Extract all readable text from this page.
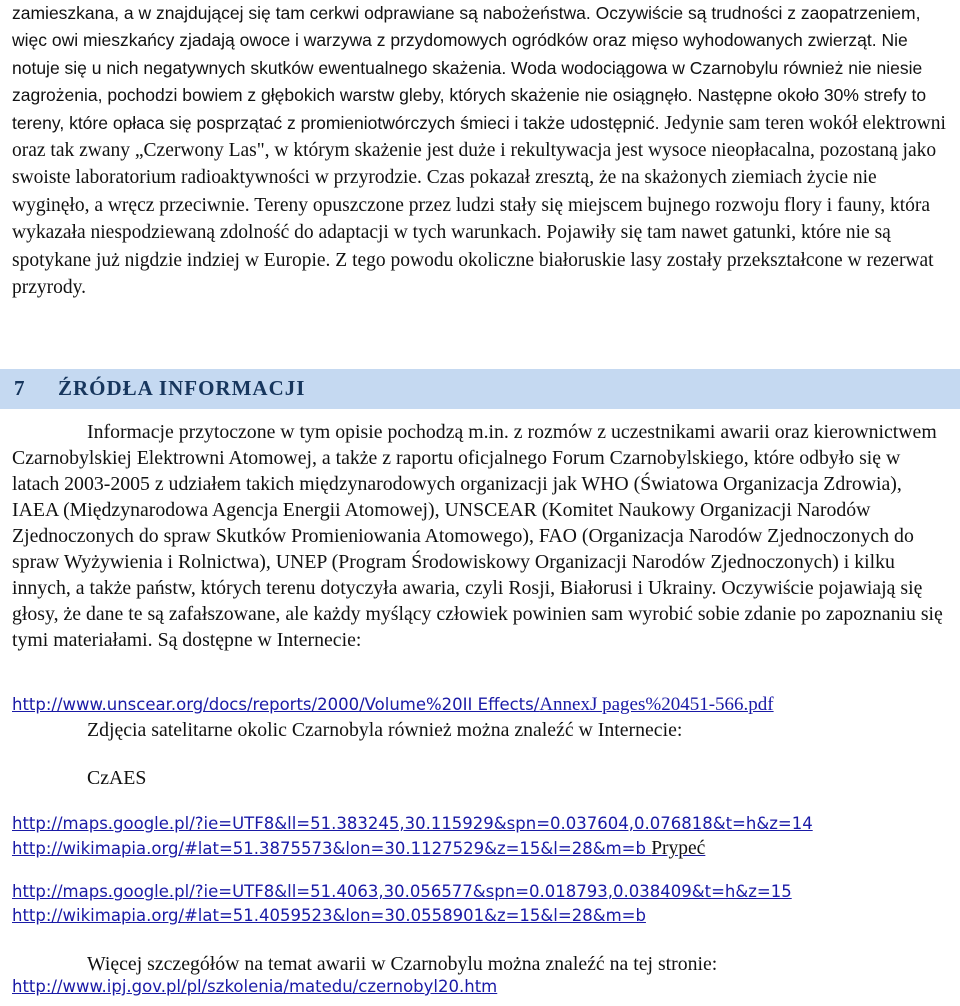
zamieszkana, a w znajdującej się tam cerkwi odprawiane są nabożeństwa. Oczywiście są trudności z zaopatrzeniem, więc owi mieszkańcy zjadają owoce i warzywa z przydomowych ogródków oraz mięso wyhodowanych zwierząt. Nie notuje się u nich negatywnych skutków ewentualnego skażenia. Woda wodociągowa w Czarnobylu również nie niesie zagrożenia, pochodzi bowiem z głębokich warstw gleby, których skażenie nie osiągnęło. Następne około 30% strefy to tereny, które opłaca się posprzątać z promieniotwórczych śmieci i także udostępnić. Jedynie sam teren wokół elektrowni oraz tak zwany „Czerwony Las", w którym skażenie jest duże i rekultywacja jest wysoce nieopłacalna, pozostaną jako swoiste laboratorium radioaktywności w przyrodzie. Czas pokazał zresztą, że na skażonych ziemiach życie nie wyginęło, a wręcz przeciwnie. Tereny opuszczone przez ludzi stały się miejscem bujnego rozwoju flory i fauny, która wykazała niespodziewaną zdolność do adaptacji w tych warunkach. Pojawiły się tam nawet gatunki, które nie są spotykane już nigdzie indziej w Europie. Z tego powodu okoliczne białoruskie lasy zostały przekształcone w rezerwat przyrody.

7 ŹRÓDŁA INFORMACJI

Informacje przytoczone w tym opisie pochodzą m.in. z rozmów z uczestnikami awarii oraz kierownictwem Czarnobylskiej Elektrowni Atomowej, a także z raportu oficjalnego Forum Czarnobylskiego, które odbyło się w latach 2003-2005 z udziałem takich międzynarodowych organizacji jak WHO (Światowa Organizacja Zdrowia), IAEA (Międzynarodowa Agencja Energii Atomowej), UNSCEAR (Komitet Naukowy Organizacji Narodów Zjednoczonych do spraw Skutków Promieniowania Atomowego), FAO (Organizacja Narodów Zjednoczonych do spraw Wyżywienia i Rolnictwa), UNEP (Program Środowiskowy Organizacji Narodów Zjednoczonych) i kilku innych, a także państw, których terenu dotyczyła awaria, czyli Rosji, Białorusi i Ukrainy. Oczywiście pojawiają się głosy, że dane te są zafałszowane, ale każdy myślący człowiek powinien sam wyrobić sobie zdanie po zapoznaniu się tymi materiałami. Są dostępne w Internecie:

http://www.unscear.org/docs/reports/2000/Volume%20II Effects/AnnexJ pages%20451-566.pdf

Zdjęcia satelitarne okolic Czarnobyla również można znaleźć w Internecie:

CzAES

http://maps.google.pl/?ie=UTF8&ll=51.383245,30.115929&spn=0.037604,0.076818&t=h&z=14

http://wikimapia.org/#lat=51.3875573&lon=30.1127529&z=15&l=28&m=b Prypeć

http://maps.google.pl/?ie=UTF8&ll=51.4063,30.056577&spn=0.018793,0.038409&t=h&z=15

http://wikimapia.org/#lat=51.4059523&lon=30.0558901&z=15&l=28&m=b

Więcej szczegółów na temat awarii w Czarnobylu można znaleźć na tej stronie:

http://www.ipj.gov.pl/pl/szkolenia/matedu/czernobyl20.htm
